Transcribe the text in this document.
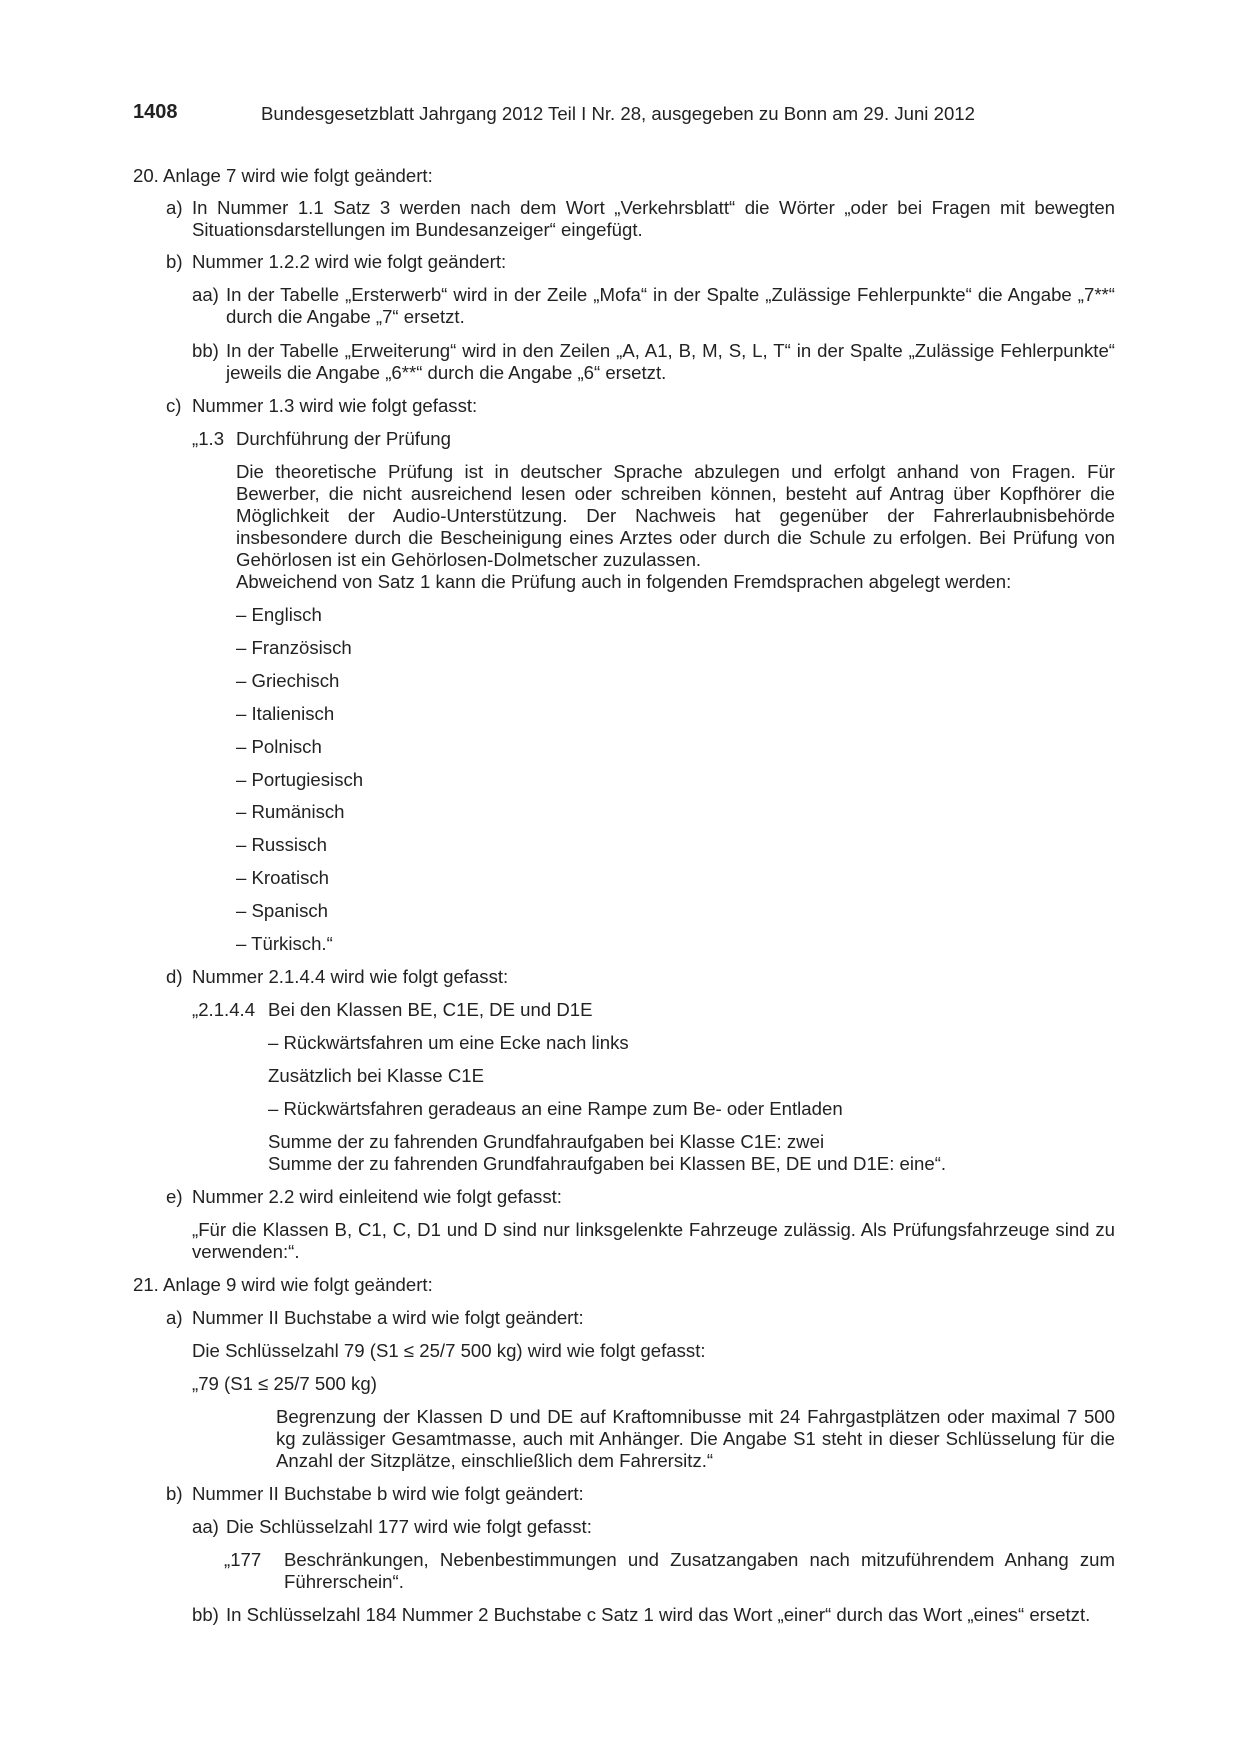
1408	Bundesgesetzblatt Jahrgang 2012 Teil I Nr. 28, ausgegeben zu Bonn am 29. Juni 2012
20. Anlage 7 wird wie folgt geändert:
a) In Nummer 1.1 Satz 3 werden nach dem Wort „Verkehrsblatt“ die Wörter „oder bei Fragen mit bewegten Situationsdarstellungen im Bundesanzeiger“ eingefügt.
b) Nummer 1.2.2 wird wie folgt geändert:
aa) In der Tabelle „Ersterwerb“ wird in der Zeile „Mofa“ in der Spalte „Zulässige Fehlerpunkte“ die Angabe „7**“ durch die Angabe „7“ ersetzt.
bb) In der Tabelle „Erweiterung“ wird in den Zeilen „A, A1, B, M, S, L, T“ in der Spalte „Zulässige Fehlerpunkte“ jeweils die Angabe „6**“ durch die Angabe „6“ ersetzt.
c) Nummer 1.3 wird wie folgt gefasst:
„1.3 Durchführung der Prüfung
Die theoretische Prüfung ist in deutscher Sprache abzulegen und erfolgt anhand von Fragen. Für Bewerber, die nicht ausreichend lesen oder schreiben können, besteht auf Antrag über Kopfhörer die Möglichkeit der Audio-Unterstützung. Der Nachweis hat gegenüber der Fahrerlaubnisbehörde insbesondere durch die Bescheinigung eines Arztes oder durch die Schule zu erfolgen. Bei Prüfung von Gehörlosen ist ein Gehörlosen-Dolmetscher zuzulassen.
Abweichend von Satz 1 kann die Prüfung auch in folgenden Fremdsprachen abgelegt werden:
– Englisch
– Französisch
– Griechisch
– Italienisch
– Polnisch
– Portugiesisch
– Rumänisch
– Russisch
– Kroatisch
– Spanisch
– Türkisch.“
d) Nummer 2.1.4.4 wird wie folgt gefasst:
„2.1.4.4 Bei den Klassen BE, C1E, DE und D1E
– Rückwärtsfahren um eine Ecke nach links
Zusätzlich bei Klasse C1E
– Rückwärtsfahren geradeaus an eine Rampe zum Be- oder Entladen
Summe der zu fahrenden Grundfahraufgaben bei Klasse C1E: zwei
Summe der zu fahrenden Grundfahraufgaben bei Klassen BE, DE und D1E: eine“.
e) Nummer 2.2 wird einleitend wie folgt gefasst:
„Für die Klassen B, C1, C, D1 und D sind nur linksgelenkte Fahrzeuge zulässig. Als Prüfungsfahrzeuge sind zu verwenden:“.
21. Anlage 9 wird wie folgt geändert:
a) Nummer II Buchstabe a wird wie folgt geändert:
Die Schlüsselzahl 79 (S1 ≤ 25/7 500 kg) wird wie folgt gefasst:
„79 (S1 ≤ 25/7 500 kg)
Begrenzung der Klassen D und DE auf Kraftomnibusse mit 24 Fahrgastplätzen oder maximal 7 500 kg zulässiger Gesamtmasse, auch mit Anhänger. Die Angabe S1 steht in dieser Schlüsselung für die Anzahl der Sitzplätze, einschließlich dem Fahrersitz.“
b) Nummer II Buchstabe b wird wie folgt geändert:
aa) Die Schlüsselzahl 177 wird wie folgt gefasst:
„177 Beschränkungen, Nebenbestimmungen und Zusatzangaben nach mitzuführendem Anhang zum Führerschein“.
bb) In Schlüsselzahl 184 Nummer 2 Buchstabe c Satz 1 wird das Wort „einer“ durch das Wort „eines“ ersetzt.
